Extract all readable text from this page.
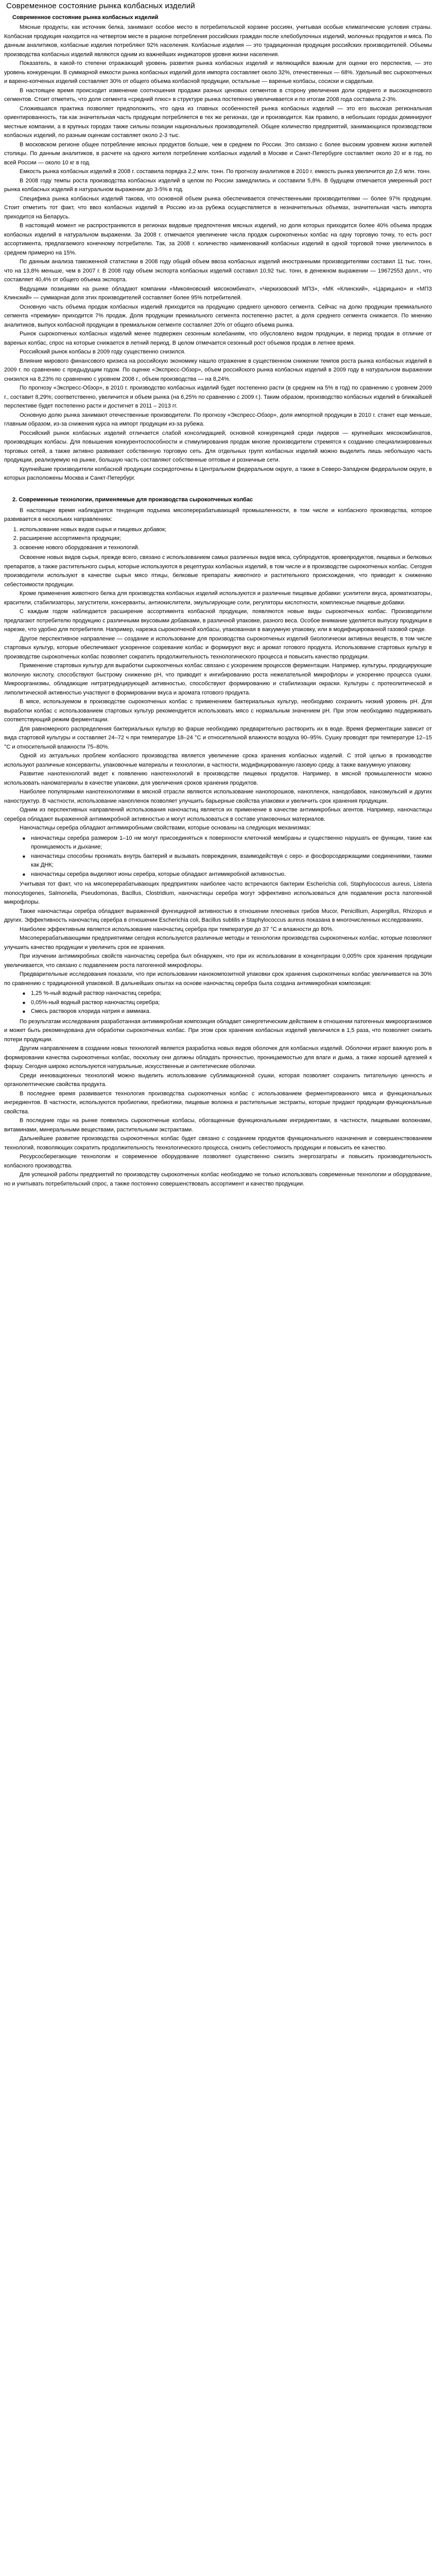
Современное состояние рынка колбасных изделий
Современное состояние рынка колбасных изделий

Мясные продукты, как источник белка, занимают особое место в потребительской корзине россиян, учитывая особые климатические условия страны. Колбасная продукция находится на четвертом месте в рационе потребления российских граждан после хлебобулочных изделий, молочных продуктов и мяса. По данным аналитиков, колбасные изделия потребляют 92% населения. Колбасные изделия — это традиционная продукция российских производителей. Объемы производства колбасных изделий являются одним из важнейших индикаторов уровня жизни населения.

Показатель, в какой-то степени отражающий уровень развития рынка колбасных изделий и являющийся важным для оценки его перспектив, — это уровень конкуренции. В суммарной емкости рынка колбасных изделий доля импорта составляет около 32%, отечественных — 68%. Удельный вес сырокопченых и варено-копченых изделий составляет 30% от общего объема колбасной продукции, остальные — вареные колбасы, сосиски и сардельки.

В настоящее время происходит изменение соотношения продажи разных ценовых сегментов в сторону увеличения доли среднего и высокоценового сегментов. Стоит отметить, что доля сегмента «средний плюс» в структуре рынка постепенно увеличивается и по итогам 2008 года составила 2-3%.

Сложившаяся практика позволяет предположить, что одна из главных особенностей рынка колбасных изделий — это его высокая региональная ориентированность, так как значительная часть продукции потребляется в тех же регионах, где и производится. Как правило, в небольших городах доминируют местные компании, а в крупных городах также сильны позиции национальных производителей. Общее количество предприятий, занимающихся производством колбасных изделий, по разным оценкам составляет около 2-3 тыс.

В московском регионе общее потребление мясных продуктов больше, чем в среднем по России. Это связано с более высоким уровнем жизни жителей столицы. По данным аналитиков, в расчете на одного жителя потребление колбасных изделий в Москве и Санкт-Петербурге составляет около 20 кг в год, по всей России — около 10 кг в год.

Емкость рынка колбасных изделий в 2008 г. составила порядка 2,2 млн. тонн. По прогнозу аналитиков в 2010 г. емкость рынка увеличится до 2,6 млн. тонн.

В 2008 году темпы роста производства колбасных изделий в целом по России замедлились и составили 5,8%. В будущем отмечается умеренный рост рынка колбасных изделий в натуральном выражении до 3-5% в год.

Специфика рынка колбасных изделий такова, что основной объем рынка обеспечивается отечественными производителями — более 97% продукции. Стоит отметить тот факт, что ввоз колбасных изделий в Россию из-за рубежа осуществляется в незначительных объемах, значительная часть импорта приходится на Беларусь.

В настоящий момент не распространяются в регионах видовые предпочтения мясных изделий, но доля которых приходится более 40% объема продаж колбасных изделий в натуральном выражении. За 2008 г. отмечается увеличение числа продаж сырокопченых колбас на одну торговую точку, то есть рост ассортимента, предлагаемого конечному потребителю. Так, за 2008 г. количество наименований колбасных изделий в одной торговой точке увеличилось в среднем примерно на 15%.

По данным анализа таможенной статистики в 2008 году общий объем ввоза колбасных изделий иностранными производителями составил 11 тыс. тонн, что на 13,8% меньше, чем в 2007 г. В 2008 году объем экспорта колбасных изделий составил 10,92 тыс. тонн, в денежном выражении — 19672553 долл., что составляет 40,4% от общего объема экспорта.

Ведущими позициями на рынке обладают компании «Микояновский мясокомбинат», «Черкизовский МПЗ», «МК «Клинский», «Царицыно» и «МПЗ Клинский» — суммарная доля этих производителей составляет более 95% потребителей.

Основную часть объема продаж колбасных изделий приходится на продукцию среднего ценового сегмента. Сейчас на долю продукции премиального сегмента «премиум» приходится 7% продаж. Доля продукции премиального сегмента постепенно растет, а доля среднего сегмента снижается. По мнению аналитиков, выпуск колбасной продукции в премиальном сегменте составляет 20% от общего объема рынка.

Рынок сырокопченых колбасных изделий менее подвержен сезонным колебаниям, что обусловлено видом продукции, в период продаж в отличие от вареных колбас, спрос на которые снижается в летний период. В целом отмечается сезонный рост объемов продаж в летнее время.

Российский рынок колбасы в 2009 году существенно снизился.

Влияние мирового финансового кризиса на российскую экономику нашло отражение в существенном снижении темпов роста рынка колбасных изделий в 2009 г. по сравнению с предыдущим годом. По оценке «Экспресс-Обзор», объем российского рынка колбасных изделий в 2009 году в натуральном выражении снизился на 8,23% по сравнению с уровнем 2008 г., объем производства — на 8,24%.

По прогнозу «Экспресс-Обзор», в 2010 г. производство колбасных изделий будет постепенно расти (в среднем на 5% в год) по сравнению с уровнем 2009 г., составит 8,29%; соответственно, увеличится и объем рынка (на 6,25% по сравнению с 2009 г.). Таким образом, производство колбасных изделий в ближайшей перспективе будет постепенно расти и достигнет в 2011 – 2013 гг.

Основную долю рынка занимают отечественные производители. По прогнозу «Экспресс-Обзор», доля импортной продукции в 2010 г. станет еще меньше, главным образом, из-за снижения курса на импорт продукции из-за рубежа.

Российский рынок колбасных изделий отличается слабой консолидацией, основной конкуренцией среди лидеров — крупнейших мясокомбинатов, производящих колбасы. Для повышения конкурентоспособности и стимулирования продаж многие производители стремятся к созданию специализированных торговых сетей, а также активно развивают собственную торговую сеть. Для отдельных групп колбасных изделий можно выделить лишь небольшую часть продукции, реализуемую на рынке, большую часть составляют собственные оптовые и розничные сети.

Крупнейшие производители колбасной продукции сосредоточены в Центральном федеральном округе, а также в Северо-Западном федеральном округе, в которых расположены Москва и Санкт-Петербург.

2. Современные технологии, применяемые для производства сырокопченых колбас

В настоящее время наблюдается тенденция подъема мясоперерабатывающей промышленности, в том числе и колбасного производства, которое развивается в нескольких направлениях:

1. использование новых видов сырья и пищевых добавок;
2. расширение ассортимента продукции;
3. освоение нового оборудования и технологий.

Освоение новых видов сырья, прежде всего, связано с использованием самых различных видов мяса, субпродуктов, кровепродуктов, пищевых и белковых препаратов, а также растительного сырья, которые используются в рецептурах колбасных изделий, в том числе и в производстве сырокопченых колбас. Сегодня производители используют в качестве сырья мясо птицы, белковые препараты животного и растительного происхождения, что приводит к снижению себестоимости продукции.

Кроме применения животного белка для производства колбасных изделий используются и различные пищевые добавки: усилители вкуса, ароматизаторы, красители, стабилизаторы, загустители, консерванты, антиокислители, эмульгирующие соли, регуляторы кислотности, комплексные пищевые добавки.

С каждым годом наблюдается расширение ассортимента колбасной продукции, появляются новые виды сырокопченых колбас. Производители предлагают потребителю продукцию с различными вкусовыми добавками, в различной упаковке, разного веса. Особое внимание уделяется выпуску продукции в нарезке, что удобно для потребителя. Например, нарезка сырокопченой колбасы, упакованная в вакуумную упаковку, или в модифицированной газовой среде.

Другое перспективное направление — создание и использование для производства сырокопченых изделий биологически активных веществ, в том числе стартовых культур, которые обеспечивают ускоренное созревание колбас и формируют вкус и аромат готового продукта. Использование стартовых культур в производстве сырокопченых колбас позволяет сократить продолжительность технологического процесса и повысить качество продукции.

Применение стартовых культур для выработки сырокопченых колбас связано с ускорением процессов ферментации. Например, культуры, продуцирующие молочную кислоту, способствуют быстрому снижению рН, что приводит к ингибированию роста нежелательной микрофлоры и ускорению процесса сушки. Микроорганизмы, обладающие нитратредуцирующей активностью, способствуют формированию и стабилизации окраски. Культуры с протеолитической и липолитической активностью участвуют в формировании вкуса и аромата готового продукта.

В мясе, используемом в производстве сырокопченых колбас с применением бактериальных культур, необходимо сохранить низкий уровень рН. Для выработки колбас с использованием стартовых культур рекомендуется использовать мясо с нормальным значением рН. При этом необходимо поддерживать соответствующий режим ферментации.

Для равномерного распределения бактериальных культур во фарше необходимо предварительно растворить их в воде. Время ферментации зависит от вида стартовой культуры и составляет 24–72 ч при температуре 18–24 °С и относительной влажности воздуха 90–95%. Сушку проводят при температуре 12–15 °С и относительной влажности 75–80%.

Одной из актуальных проблем колбасного производства является увеличение срока хранения колбасных изделий. С этой целью в производстве используют различные консерванты, упаковочные материалы и технологии, в частности, модифицированную газовую среду, а также вакуумную упаковку.

Развитие нанотехнологий ведет к появлению нанотехнологий в производстве пищевых продуктов. Например, в мясной промышленности можно использовать наноматериалы в качестве упаковки, для увеличения сроков хранения продуктов.

Наиболее популярными нанотехнологиями в мясной отрасли являются использование нанопорошков, нанопленок, нанодобавок, наноэмульсий и других наноструктур. В частности, использование нанопленок позволяет улучшить барьерные свойства упаковки и увеличить срок хранения продукции.

Одним из перспективных направлений использования наночастиц является их применение в качестве антимикробных агентов. Например, наночастицы серебра обладают выраженной антимикробной активностью и могут использоваться в составе упаковочных материалов.

Наночастицы серебра обладают антимикробными свойствами, которые основаны на следующих механизмах:

■ наночастицы серебра размером 1–10 нм могут присоединяться к поверхности клеточной мембраны и существенно нарушать ее функции, такие как проницаемость и дыхание;
■ наночастицы способны проникать внутрь бактерий и вызывать повреждения, взаимодействуя с серо- и фосфорсодержащими соединениями, такими как ДНК;
■ наночастицы серебра выделяют ионы серебра, которые обладают антимикробной активностью.

Учитывая тот факт, что на мясоперерабатывающих предприятиях наиболее часто встречаются бактерии Escherichia coli, Staphylococcus aureus, Listeria monocytogenes, Salmonella, Pseudomonas, Bacillus, Clostridium, наночастицы серебра могут эффективно использоваться для подавления роста патогенной микрофлоры.

Также наночастицы серебра обладают выраженной фунгицидной активностью в отношении плесневых грибов Mucor, Penicillium, Aspergillus, Rhizopus и других. Эффективность наночастиц серебра в отношении Escherichia coli, Bacillus subtilis и Staphylococcus aureus показана в многочисленных исследованиях.

Наиболее эффективным является использование наночастиц серебра при температуре до 37 °С и влажности до 80%.

Мясоперерабатывающими предприятиями сегодня используются различные методы и технологии производства сырокопченых колбас, которые позволяют улучшить качество продукции и увеличить срок ее хранения.

При изучении антимикробных свойств наночастиц серебра был обнаружен, что при их использовании в концентрации 0,005% срок хранения продукции увеличивается, что связано с подавлением роста патогенной микрофлоры.

Предварительные исследования показали, что при использовании нанокомпозитной упаковки срок хранения сырокопченых колбас увеличивается на 30% по сравнению с традиционной упаковкой. В дальнейших опытах на основе наночастиц серебра была создана антимикробная композиция:

■ 1,25 %-ный водный раствор наночастиц серебра;
■ 0,05%-ный водный раствор наночастиц серебра;
■ Смесь растворов хлорида натрия и аммиака.

По результатам исследования разработанная антимикробная композиция обладает синергетическим действием в отношении патогенных микроорганизмов и может быть рекомендована для обработки сырокопченых колбас. При этом срок хранения колбасных изделий увеличился в 1,5 раза, что позволяет снизить потери продукции.

Другим направлением в создании новых технологий является разработка новых видов оболочек для колбасных изделий. Оболочки играют важную роль в формировании качества сырокопченых колбас, поскольку они должны обладать прочностью, проницаемостью для влаги и дыма, а также хорошей адгезией к фаршу. Сегодня широко используются натуральные, искусственные и синтетические оболочки.

Среди инновационных технологий можно выделить использование сублимационной сушки, которая позволяет сохранить питательную ценность и органолептические свойства продукта.

В последнее время развивается технология производства сырокопченых колбас с использованием ферментированного мяса и функциональных ингредиентов. В частности, используются пробиотики, пребиотики, пищевые волокна и растительные экстракты, которые придают продукции функциональные свойства.

В последние годы на рынке появились сырокопченые колбасы, обогащенные функциональными ингредиентами, в частности, пищевыми волокнами, витаминами, минеральными веществами, растительными экстрактами.

Дальнейшее развитие производства сырокопченых колбас будет связано с созданием продуктов функционального назначения и совершенствованием технологий, позволяющих сократить продолжительность технологического процесса, снизить себестоимость продукции и повысить ее качество.

Ресурсосберегающие технологии и современное оборудование позволяют существенно снизить энергозатраты и повысить производительность колбасного производства.

Для успешной работы предприятий по производству сырокопченых колбас необходимо не только использовать современные технологии и оборудование, но и учитывать потребительский спрос, а также постоянно совершенствовать ассортимент и качество продукции.
